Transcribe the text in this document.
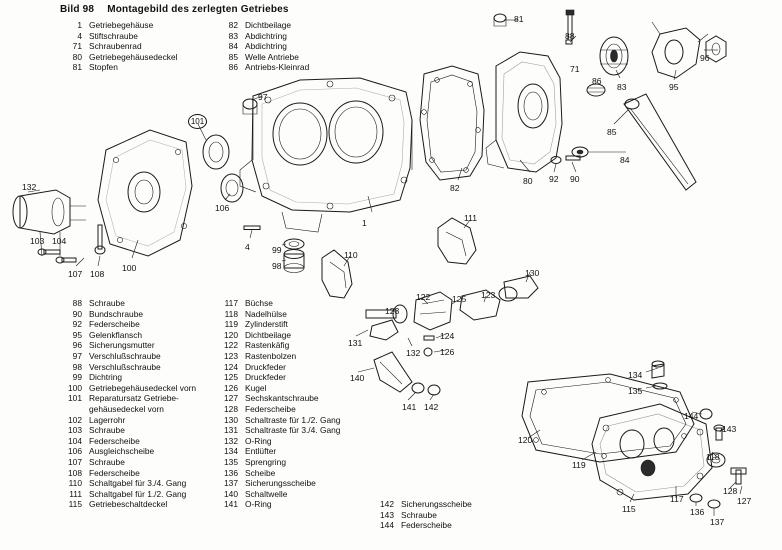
Bild 98 Montagebild des zerlegten Getriebes
1 Getriebegehäuse
4 Stiftschraube
71 Schraubenrad
80 Getriebegehäusedeckel
81 Stopfen
82 Dichtbeilage
83 Abdichtring
84 Abdichtring
85 Welle Antriebe
86 Antriebs-Kleinrad
88 Schraube
90 Bundschraube
92 Federscheibe
95 Gelenkflansch
96 Sicherungsmutter
97 Verschlußschraube
98 Verschlußschraube
99 Dichtring
100 Getriebegehäusedeckel vorn
101 Reparatursatz Getriebe-
gehäusedeckel vorn
102 Lagerrohr
103 Schraube
104 Federscheibe
106 Ausgleichscheibe
107 Schraube
108 Federscheibe
110 Schaltgabel für 3./4. Gang
111 Schaltgabel für 1./2. Gang
115 Getriebeschaltdeckel
117 Büchse
118 Nadelhülse
119 Zylinderstift
120 Dichtbeilage
122 Rastenkäfig
123 Rastenbolzen
124 Druckfeder
125 Druckfeder
126 Kugel
127 Sechskantschraube
128 Federscheibe
130 Schaltraste für 1./2. Gang
131 Schaltraste für 3./4. Gang
132 O-Ring
134 Entlüfter
135 Sprengring
136 Scheibe
137 Sicherungsscheibe
140 Schaltwelle
141 O-Ring	142 Sicherungsscheibe
143 Schraube
144 Federscheibe
81
88
96
95
83
71
86
85
84
90
92
80
82
97
101
106
1
132
103 104
107 108
100
4	99
98
110
111
130
122
123
123
125
124
126
131
132
140
141 142
134
135
144
143
118
120
119
115
117
136
137
128
127
